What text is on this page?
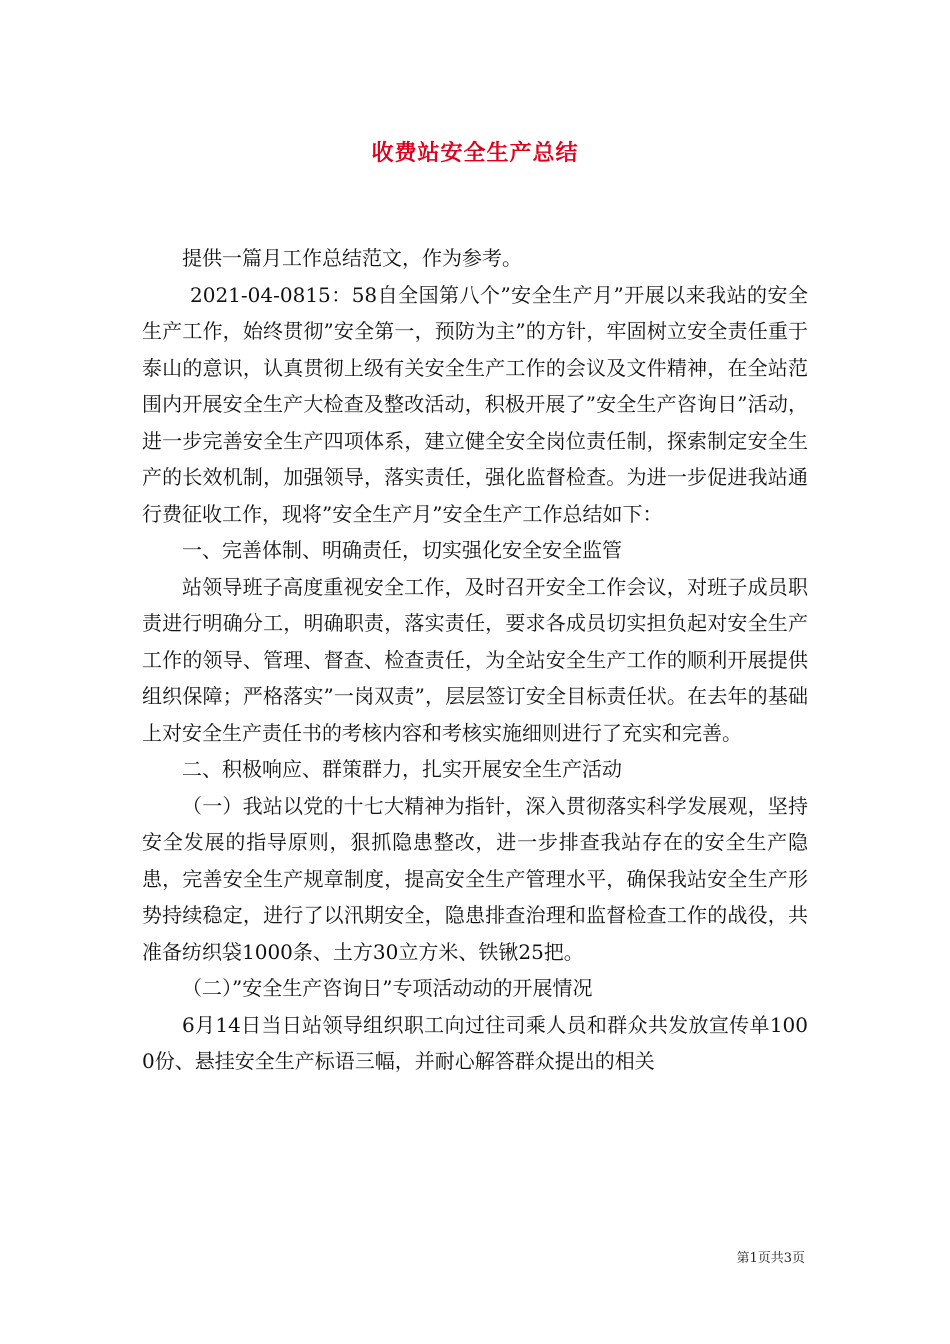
收费站安全生产总结

提供一篇月工作总结范文，作为参考。

2021-04-0815：58自全国第八个”安全生产月”开展以来我站的安全生产工作，始终贯彻”安全第一，预防为主”的方针，牢固树立安全责任重于泰山的意识，认真贯彻上级有关安全生产工作的会议及文件精神，在全站范围内开展安全生产大检查及整改活动，积极开展了”安全生产咨询日”活动，进一步完善安全生产四项体系，建立健全安全岗位责任制，探索制定安全生产的长效机制，加强领导，落实责任，强化监督检查。为进一步促进我站通行费征收工作，现将”安全生产月”安全生产工作总结如下：

一、完善体制、明确责任，切实强化安全安全监管

站领导班子高度重视安全工作，及时召开安全工作会议，对班子成员职责进行明确分工，明确职责，落实责任，要求各成员切实担负起对安全生产工作的领导、管理、督查、检查责任，为全站安全生产工作的顺利开展提供组织保障；严格落实”一岗双责”，层层签订安全目标责任状。在去年的基础上对安全生产责任书的考核内容和考核实施细则进行了充实和完善。

二、积极响应、群策群力，扎实开展安全生产活动

（一）我站以党的十七大精神为指针，深入贯彻落实科学发展观，坚持安全发展的指导原则，狠抓隐患整改，进一步排查我站存在的安全生产隐患，完善安全生产规章制度，提高安全生产管理水平，确保我站安全生产形势持续稳定，进行了以汛期安全，隐患排查治理和监督检查工作的战役，共准备纺织袋1000条、土方30立方米、铁锹25把。

（二）”安全生产咨询日”专项活动动的开展情况

6月14日当日站领导组织职工向过往司乘人员和群众共发放宣传单1000份、悬挂安全生产标语三幅，并耐心解答群众提出的相关

第1页共3页
